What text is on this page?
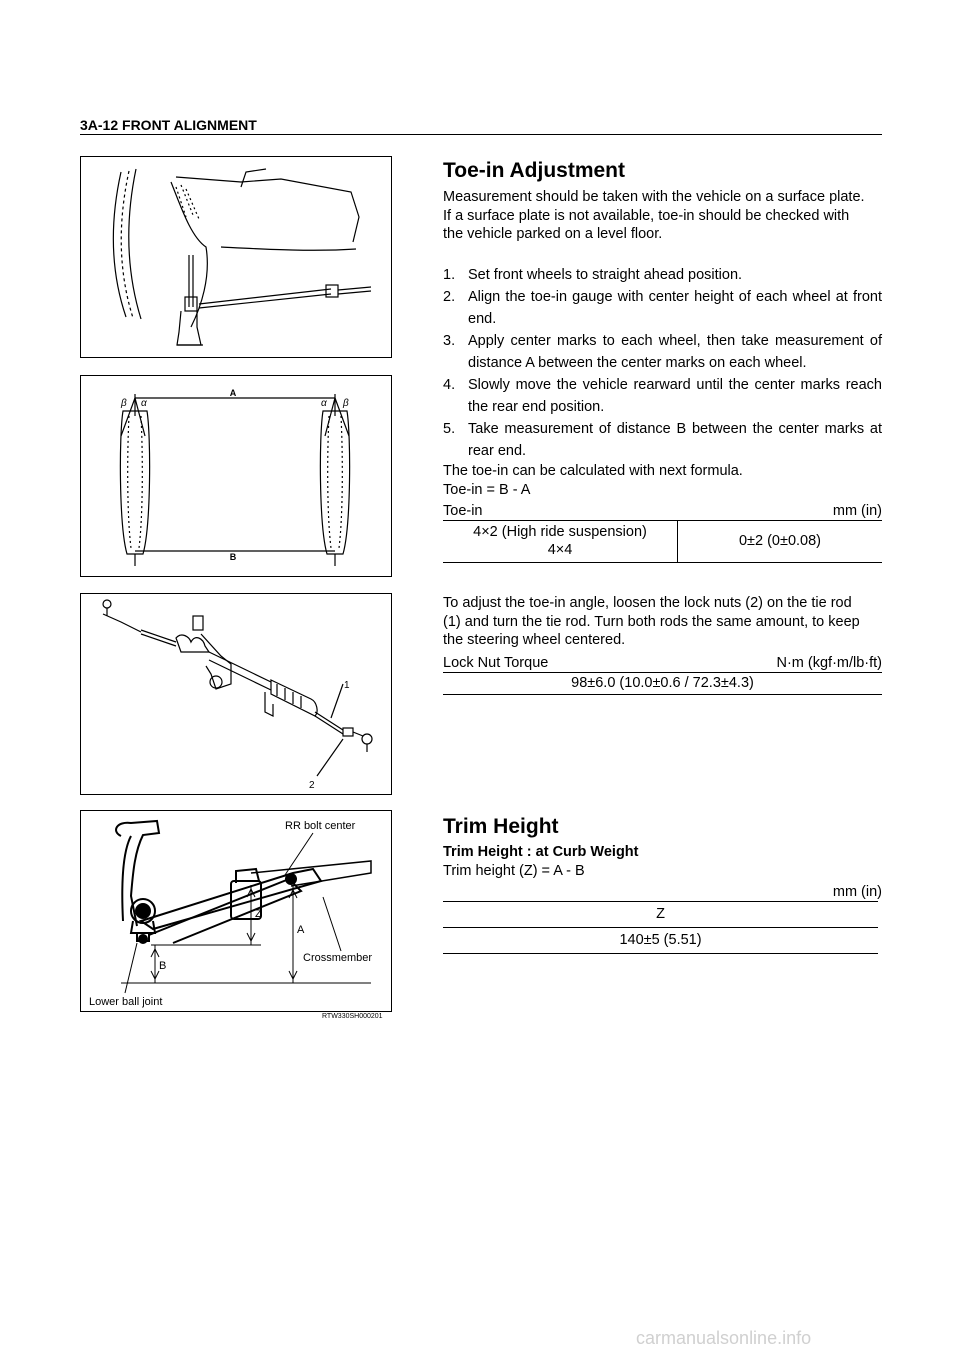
3A-12 FRONT ALIGNMENT
A
B
β α	α β
1
2
RR bolt center
Z
A
B
Crossmember
Lower ball joint
RTW330SH000201
Toe-in Adjustment
Measurement should be taken with the vehicle on a surface plate.
If a surface plate is not available, toe-in should be checked with the vehicle parked on a level floor.
1. Set front wheels to straight ahead position.
2. Align the toe-in gauge with center height of each wheel at front end.
3. Apply center marks to each wheel, then take measurement of distance A between the center marks on each wheel.
4. Slowly move the vehicle rearward until the center marks reach the rear end position.
5. Take measurement of distance B between the center marks at rear end.
The toe-in can be calculated with next formula.
Toe-in = B - A
Toe-in	mm (in)
4×2 (High ride suspension)
4×4
0±2 (0±0.08)
To adjust the toe-in angle, loosen the lock nuts (2) on the tie rod (1) and turn the tie rod. Turn both rods the same amount, to keep the steering wheel centered.
Lock Nut Torque	N·m (kgf·m/lb·ft)
98±6.0 (10.0±0.6 / 72.3±4.3)
Trim Height
Trim Height : at Curb Weight
Trim height (Z) = A - B
mm (in)
Z
140±5 (5.51)
carmanualsonline.info
